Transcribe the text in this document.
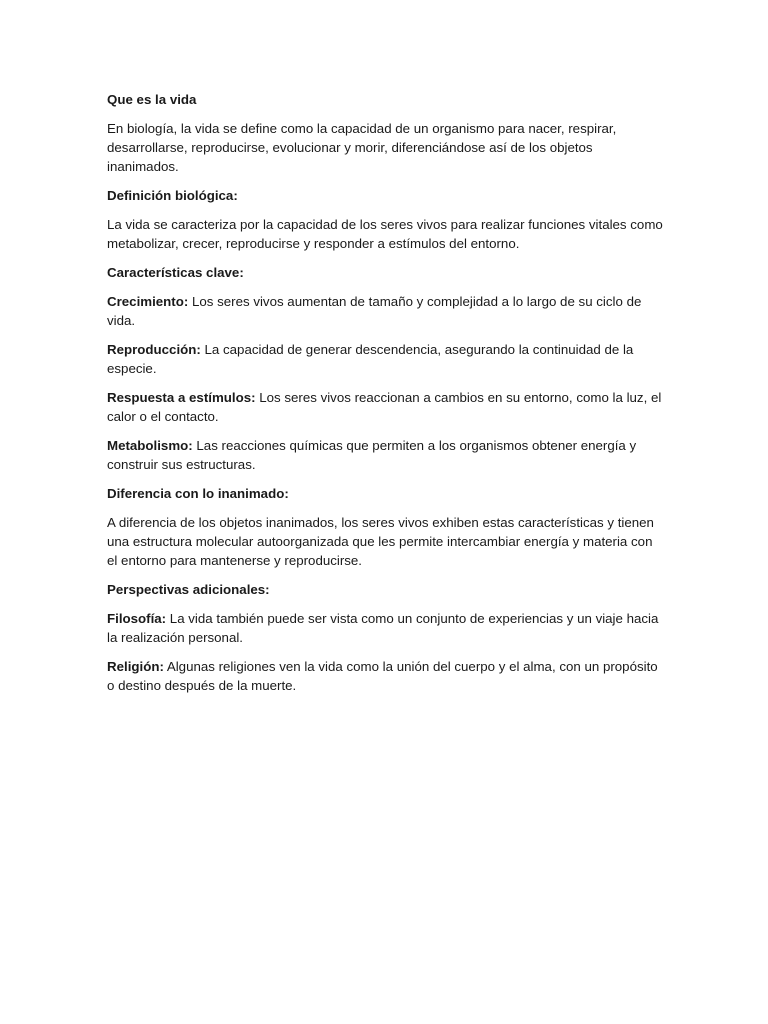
Que es la vida

En biología, la vida se define como la capacidad de un organismo para nacer, respirar, desarrollarse, reproducirse, evolucionar y morir, diferenciándose así de los objetos inanimados.

Definición biológica:

La vida se caracteriza por la capacidad de los seres vivos para realizar funciones vitales como metabolizar, crecer, reproducirse y responder a estímulos del entorno.

Características clave:

Crecimiento: Los seres vivos aumentan de tamaño y complejidad a lo largo de su ciclo de vida.

Reproducción: La capacidad de generar descendencia, asegurando la continuidad de la especie.

Respuesta a estímulos: Los seres vivos reaccionan a cambios en su entorno, como la luz, el calor o el contacto.

Metabolismo: Las reacciones químicas que permiten a los organismos obtener energía y construir sus estructuras.

Diferencia con lo inanimado:

A diferencia de los objetos inanimados, los seres vivos exhiben estas características y tienen una estructura molecular autoorganizada que les permite intercambiar energía y materia con el entorno para mantenerse y reproducirse.

Perspectivas adicionales:

Filosofía: La vida también puede ser vista como un conjunto de experiencias y un viaje hacia la realización personal.

Religión: Algunas religiones ven la vida como la unión del cuerpo y el alma, con un propósito o destino después de la muerte.
